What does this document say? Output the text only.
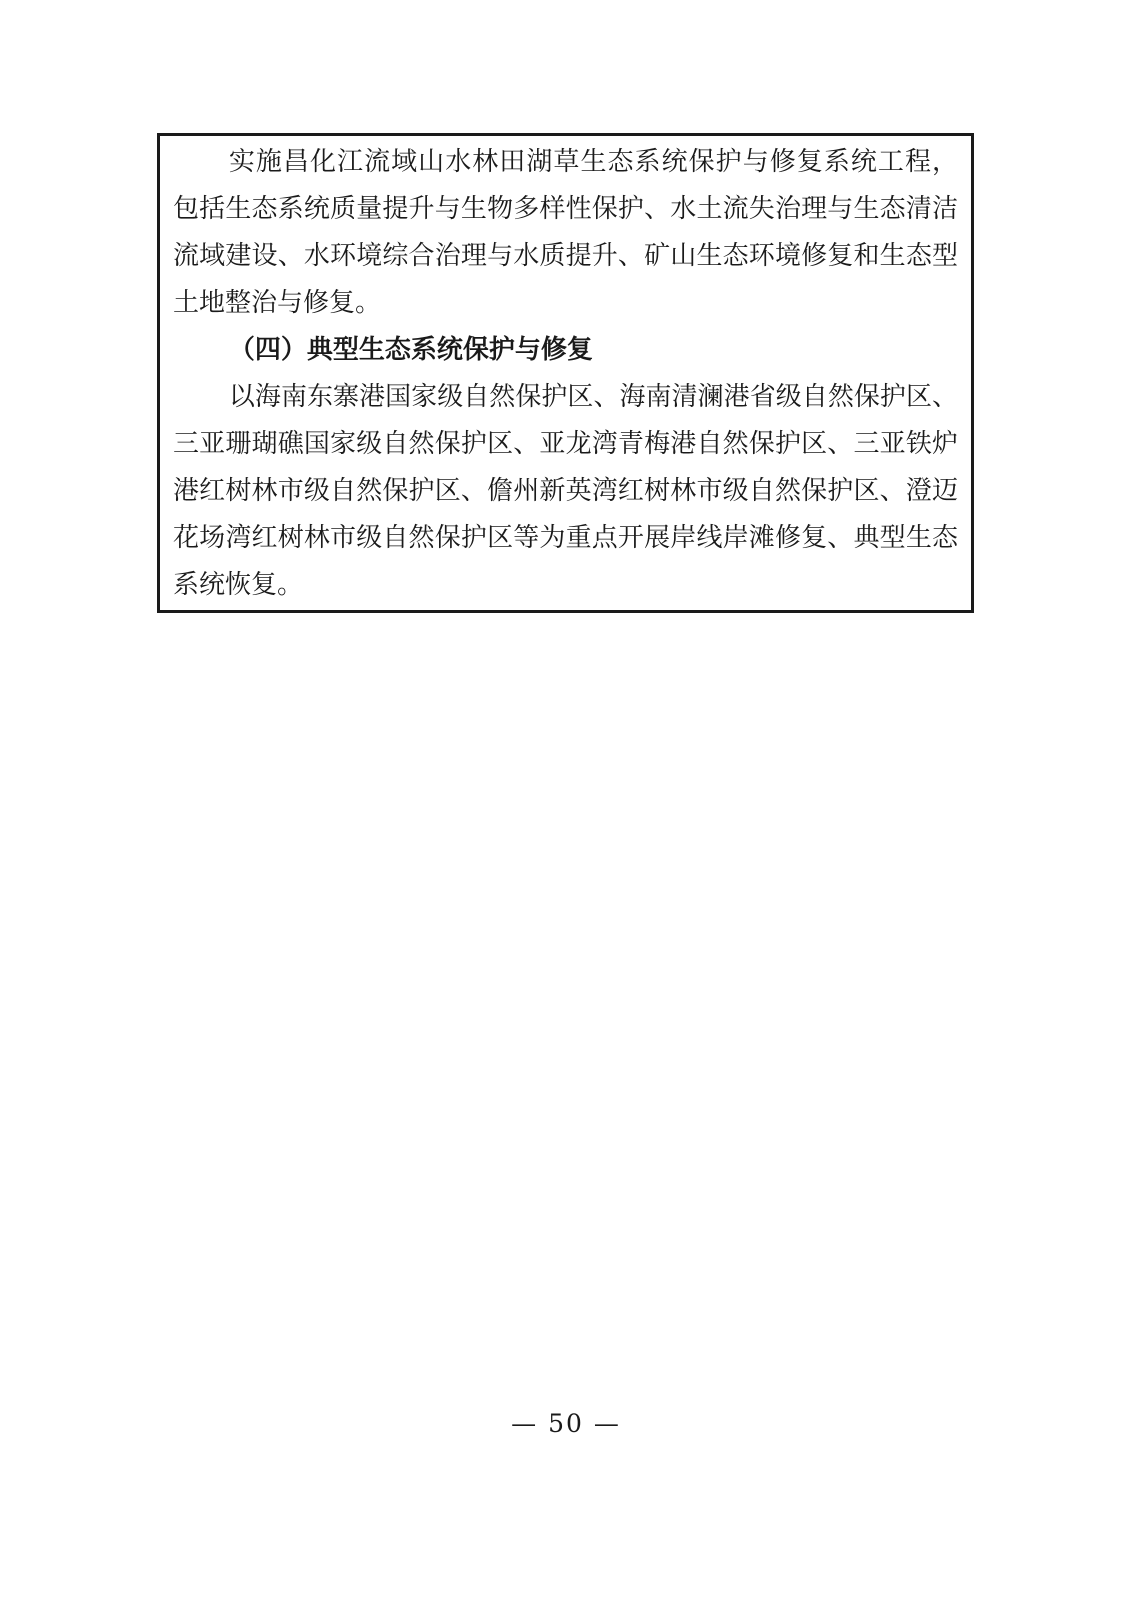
实施昌化江流域山水林田湖草生态系统保护与修复系统工程，
包括生态系统质量提升与生物多样性保护、水土流失治理与生态清洁
流域建设、水环境综合治理与水质提升、矿山生态环境修复和生态型
土地整治与修复。
（四）典型生态系统保护与修复
以海南东寨港国家级自然保护区、海南清澜港省级自然保护区、
三亚珊瑚礁国家级自然保护区、亚龙湾青梅港自然保护区、三亚铁炉
港红树林市级自然保护区、儋州新英湾红树林市级自然保护区、澄迈
花场湾红树林市级自然保护区等为重点开展岸线岸滩修复、典型生态
系统恢复。
— 50 —
